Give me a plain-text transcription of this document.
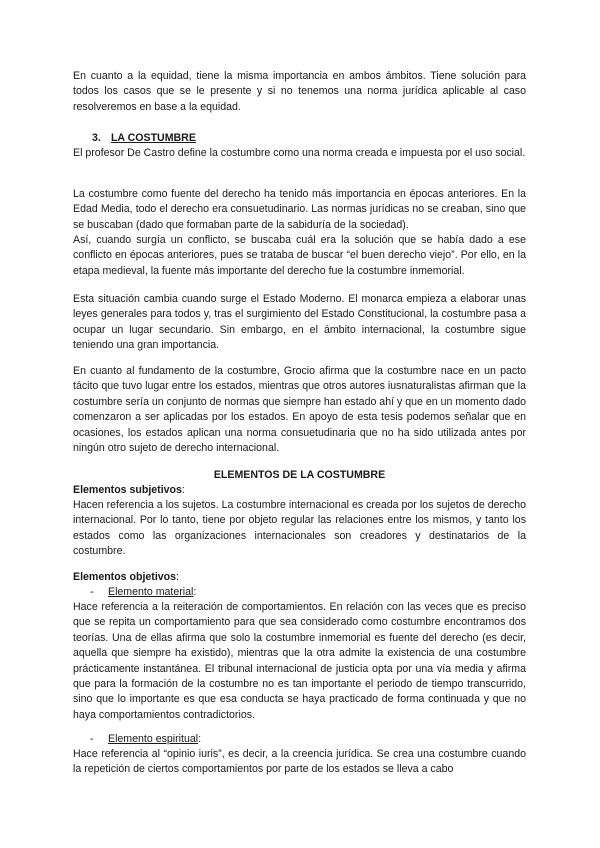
En cuanto a la equidad, tiene la misma importancia en ambos ámbitos. Tiene solución para todos los casos que se le presente y si no tenemos una norma jurídica aplicable al caso resolveremos en base a la equidad.

3. LA COSTUMBRE

El profesor De Castro define la costumbre como una norma creada e impuesta por el uso social.

La costumbre como fuente del derecho ha tenido más importancia en épocas anteriores. En la Edad Media, todo el derecho era consuetudinario. Las normas jurídicas no se creaban, sino que se buscaban (dado que formaban parte de la sabiduría de la sociedad).

Así, cuando surgía un conflicto, se buscaba cuál era la solución que se había dado a ese conflicto en épocas anteriores, pues se trataba de buscar “el buen derecho viejo”. Por ello, en la etapa medieval, la fuente más importante del derecho fue la costumbre inmemorial.

Esta situación cambia cuando surge el Estado Moderno. El monarca empieza a elaborar unas leyes generales para todos y, tras el surgimiento del Estado Constitucional, la costumbre pasa a ocupar un lugar secundario. Sin embargo, en el ámbito internacional, la costumbre sigue teniendo una gran importancia.

En cuanto al fundamento de la costumbre, Grocio afirma que la costumbre nace en un pacto tácito que tuvo lugar entre los estados, mientras que otros autores iusnaturalistas afirman que la costumbre sería un conjunto de normas que siempre han estado ahí y que en un momento dado comenzaron a ser aplicadas por los estados. En apoyo de esta tesis podemos señalar que en ocasiones, los estados aplican una norma consuetudinaria que no ha sido utilizada antes por ningún otro sujeto de derecho internacional.

ELEMENTOS DE LA COSTUMBRE
Elementos subjetivos:

Hacen referencia a los sujetos. La costumbre internacional es creada por los sujetos de derecho internacional. Por lo tanto, tiene por objeto regular las relaciones entre los mismos, y tanto los estados como las organizaciones internacionales son creadores y destinatarios de la costumbre.

Elementos objetivos:
- Elemento material:

Hace referencia a la reiteración de comportamientos. En relación con las veces que es preciso que se repita un comportamiento para que sea considerado como costumbre encontramos dos teorías. Una de ellas afirma que solo la costumbre inmemorial es fuente del derecho (es decir, aquella que siempre ha existido), mientras que la otra admite la existencia de una costumbre prácticamente instantánea. El tribunal internacional de justicia opta por una vía media y afirma que para la formación de la costumbre no es tan importante el periodo de tiempo transcurrido, sino que lo importante es que esa conducta se haya practicado de forma continuada y que no haya comportamientos contradictorios.

- Elemento espiritual:

Hace referencia al “opinio iuris”, es decir, a la creencia jurídica. Se crea una costumbre cuando la repetición de ciertos comportamientos por parte de los estados se lleva a cabo
